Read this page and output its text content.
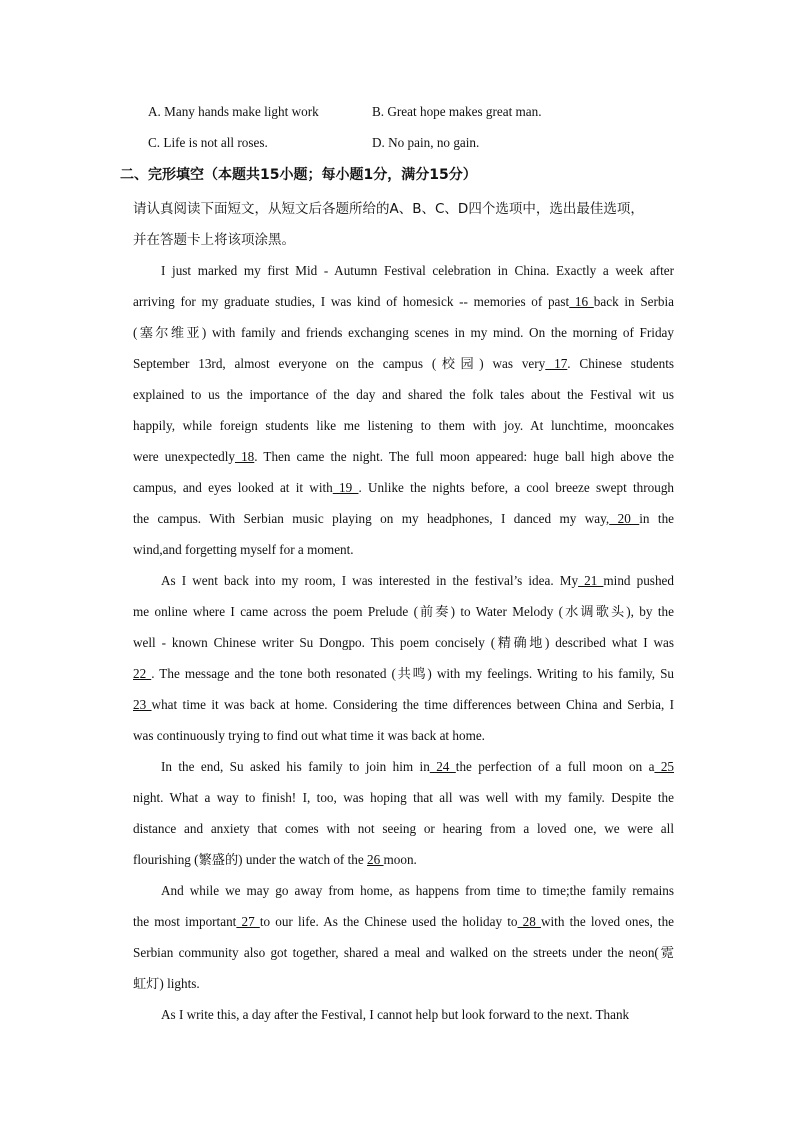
A. Many hands make light work	B. Great hope makes great man.
C. Life is not all roses.	D. No pain, no gain.
二、完形填空（本题共15小题；每小题1分，满分15分）
请认真阅读下面短文，从短文后各题所给的A、B、C、D四个选项中，选出最佳选项，
并在答题卡上将该项涂黑。

I just marked my first Mid - Autumn Festival celebration in China. Exactly a week after

arriving for my graduate studies, I was kind of homesick -- memories of past 16 back in Serbia

(塞尔维亚) with family and friends exchanging scenes in my mind. On the morning of Friday

September 13rd, almost everyone on the campus (校园) was very 17. Chinese students

explained to us the importance of the day and shared the folk tales about the Festival wit us

happily, while foreign students like me listening to them with joy. At lunchtime, mooncakes

were unexpectedly 18. Then came the night. The full moon appeared: huge ball high above the

campus, and eyes looked at it with 19 . Unlike the nights before, a cool breeze swept through

the campus. With Serbian music playing on my headphones, I danced my way, 20 in the

wind,and forgetting myself for a moment.

As I went back into my room, I was interested in the festival’s idea. My 21 mind pushed

me online where I came across the poem Prelude (前奏) to Water Melody (水调歌头), by the

well - known Chinese writer Su Dongpo. This poem concisely (精确地) described what I was

22 . The message and the tone both resonated (共鸣) with my feelings. Writing to his family, Su

23 what time it was back at home. Considering the time differences between China and Serbia, I

was continuously trying to find out what time it was back at home.

In the end, Su asked his family to join him in 24 the perfection of a full moon on a 25

night. What a way to finish! I, too, was hoping that all was well with my family. Despite the

distance and anxiety that comes with not seeing or hearing from a loved one, we were all

flourishing (繁盛的) under the watch of the 26 moon.

And while we may go away from home, as happens from time to time;the family remains

the most important 27 to our life. As the Chinese used the holiday to 28 with the loved ones, the

Serbian community also got together, shared a meal and walked on the streets under the neon(霓

虹灯) lights.

As I write this, a day after the Festival, I cannot help but look forward to the next. Thank
